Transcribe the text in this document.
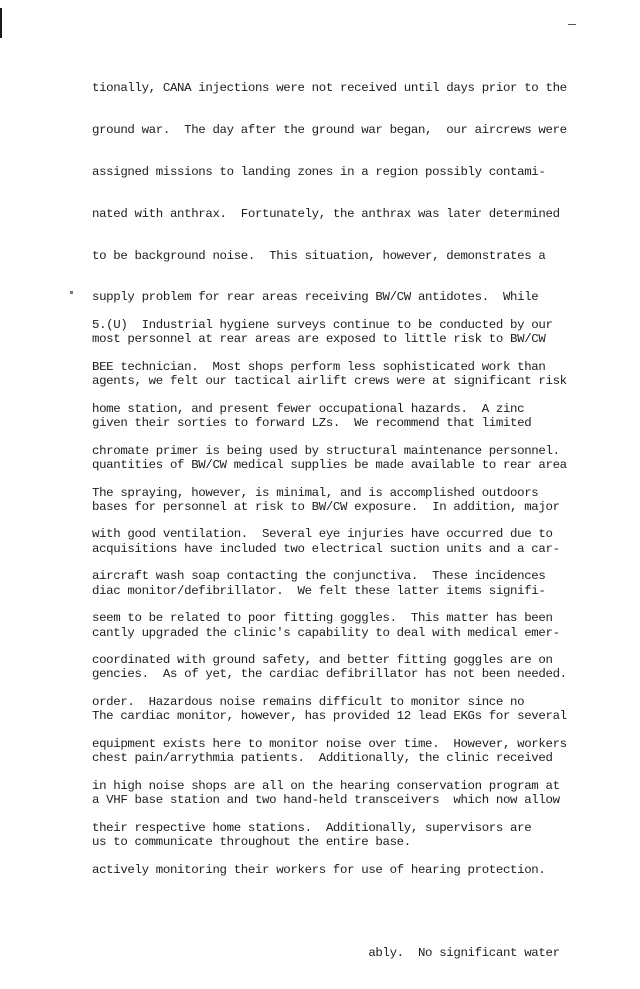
tionally, CANA injections were not received until days prior to the

ground war.  The day after the ground war began,  our aircrews were

assigned missions to landing zones in a region possibly contami-

nated with anthrax.  Fortunately, the anthrax was later determined

to be background noise.  This situation, however, demonstrates a

supply problem for rear areas receiving BW/CW antidotes.  While

most personnel at rear areas are exposed to little risk to BW/CW

agents, we felt our tactical airlift crews were at significant risk

given their sorties to forward LZs.  We recommend that limited

quantities of BW/CW medical supplies be made available to rear area

bases for personnel at risk to BW/CW exposure.  In addition, major

acquisitions have included two electrical suction units and a car-

diac monitor/defibrillator.  We felt these latter items signifi-

cantly upgraded the clinic's capability to deal with medical emer-

gencies.  As of yet, the cardiac defibrillator has not been needed.

The cardiac monitor, however, has provided 12 lead EKGs for several

chest pain/arrythmia patients.  Additionally, the clinic received

a VHF base station and two hand-held transceivers  which now allow

us to communicate throughout the entire base.

5.(U)  Industrial hygiene surveys continue to be conducted by our

BEE technician.  Most shops perform less sophisticated work than

home station, and present fewer occupational hazards.  A zinc

chromate primer is being used by structural maintenance personnel.

The spraying, however, is minimal, and is accomplished outdoors

with good ventilation.  Several eye injuries have occurred due to

aircraft wash soap contacting the conjunctiva.  These incidences

seem to be related to poor fitting goggles.  This matter has been

coordinated with ground safety, and better fitting goggles are on

order.  Hazardous noise remains difficult to monitor since no

equipment exists here to monitor noise over time.  However, workers

in high noise shops are all on the hearing conservation program at

their respective home stations.  Additionally, supervisors are

actively monitoring their workers for use of hearing protection.

ably.  No significant water
